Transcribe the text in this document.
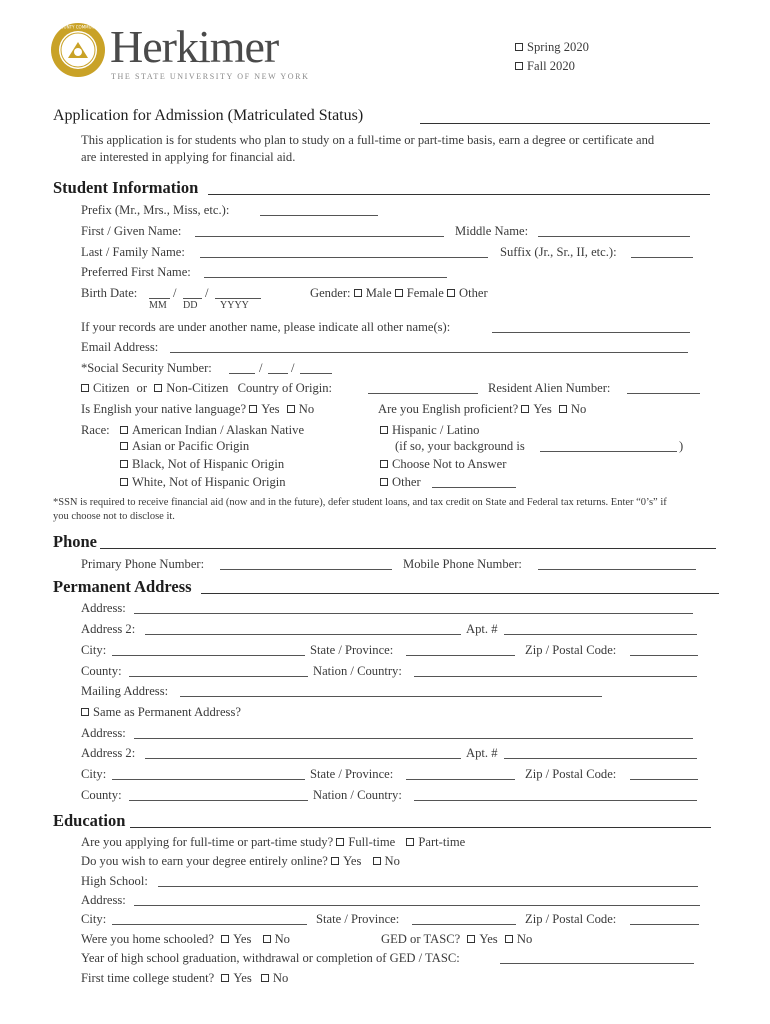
HERKIMER COUNTY COMMUNITY COLLEGE
Herkimer
THE STATE UNIVERSITY OF NEW YORK
Spring 2020
Fall 2020
Application for Admission (Matriculated Status)
This application is for students who plan to study on a full-time or part-time basis, earn a degree or certificate and
are interested in applying for financial aid.
Student Information
Prefix (Mr., Mrs., Miss, etc.):
First / Given Name:	Middle Name:
Last / Family Name:	Suffix (Jr., Sr., II, etc.):
Preferred First Name:
Birth Date:	/ /
MM DD YYYY
Gender: Male Female Other
If your records are under another name, please indicate all other name(s):
Email Address:
*Social Security Number:	/ /
Citizen or Non-Citizen Country of Origin:	Resident Alien Number:
Is English your native language? Yes No	Are you English proficient? Yes No
Race:	American Indian / Alaskan Native
Asian or Pacific Origin
Black, Not of Hispanic Origin
White, Not of Hispanic Origin
Hispanic / Latino
(if so, your background is	)
Choose Not to Answer
Other
*SSN is required to receive financial aid (now and in the future), defer student loans, and tax credit on State and Federal tax returns. Enter “0’s” if
you choose not to disclose it.
Phone
Primary Phone Number:	Mobile Phone Number:
Permanent Address
Address:
Address 2:	Apt. #
City:	State / Province:	Zip / Postal Code:
County:	Nation / Country:
Mailing Address:
Same as Permanent Address?
Address:
Address 2:	Apt. #
City:	State / Province:	Zip / Postal Code:
County:	Nation / Country:
Education
Are you applying for full-time or part-time study? Full-time Part-time
Do you wish to earn your degree entirely online? Yes No
High School:
Address:
City:	State / Province:	Zip / Postal Code:
Were you home schooled? Yes No	GED or TASC? Yes No
Year of high school graduation, withdrawal or completion of GED / TASC:
First time college student? Yes No
